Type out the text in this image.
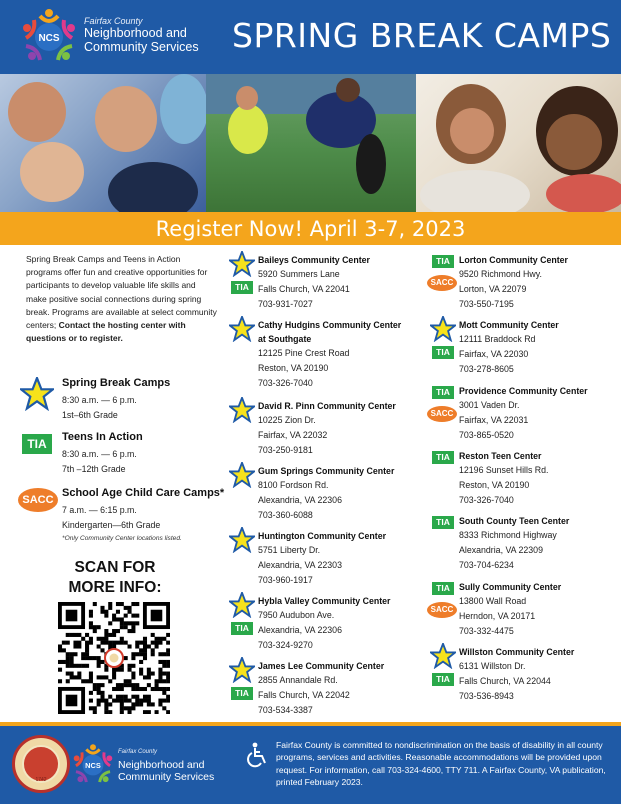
NCS
Fairfax County
Neighborhood and
Community Services SPRING BREAK CAMPS
Register Now! April 3-7, 2023
Spring Break Camps and Teens in Action programs offer fun and creative opportunities for participants to develop valuable life skills and make positive social connections during spring break. Programs are available at select community centers; Contact the hosting center with questions or to register.
Spring Break Camps
8:30 a.m. — 6 p.m.
1st–6th Grade
TIA	Teens In Action
8:30 a.m. — 6 p.m.
7th –12th Grade
SACC
School Age Child Care Camps*
7 a.m. — 6:15 p.m.
Kindergarten—6th Grade
*Only Community Center locations listed.
SCAN FOR
MORE INFO:
Baileys Community Center
5920 Summers Lane
Falls Church, VA 22041
703-931-7027
TIA
Cathy Hudgins Community Center
at Southgate
12125 Pine Crest Road
Reston, VA 20190
703-326-7040
David R. Pinn Community Center
10225 Zion Dr.
Fairfax, VA 22032
703-250-9181
Gum Springs Community Center
8100 Fordson Rd.
Alexandria, VA 22306
703-360-6088
Huntington Community Center
5751 Liberty Dr.
Alexandria, VA 22303
703-960-1917
Hybla Valley Community Center
7950 Audubon Ave.
Alexandria, VA 22306
703-324-9270
TIA
James Lee Community Center
2855 Annandale Rd.
Falls Church, VA 22042
703-534-3387
TIA
Lorton Community Center
9520 Richmond Hwy.
Lorton, VA 22079
703-550-7195
TIA
SACC
Mott Community Center
12111 Braddock Rd
Fairfax, VA 22030
703-278-8605
TIA
Providence Community Center
3001 Vaden Dr.
Fairfax, VA 22031
703-865-0520
TIA
SACC
Reston Teen Center
12196 Sunset Hills Rd.
Reston, VA 20190
703-326-7040
TIA
South County Teen Center
8333 Richmond Highway
Alexandria, VA 22309
703-704-6234
TIA
Sully Community Center
13800 Wall Road
Herndon, VA 20171
703-332-4475
TIA
SACC
Willston Community Center
6131 Willston Dr.
Falls Church, VA 22044
703-536-8943
TIA
1742
NCS
Fairfax County
Neighborhood and
Community Services
Fairfax County is committed to nondiscrimination on the basis of disability in all county programs, services and activities. Reasonable accommodations will be provided upon request. For information, call 703-324-4600, TTY 711. A Fairfax County, VA publication, printed February 2023.
